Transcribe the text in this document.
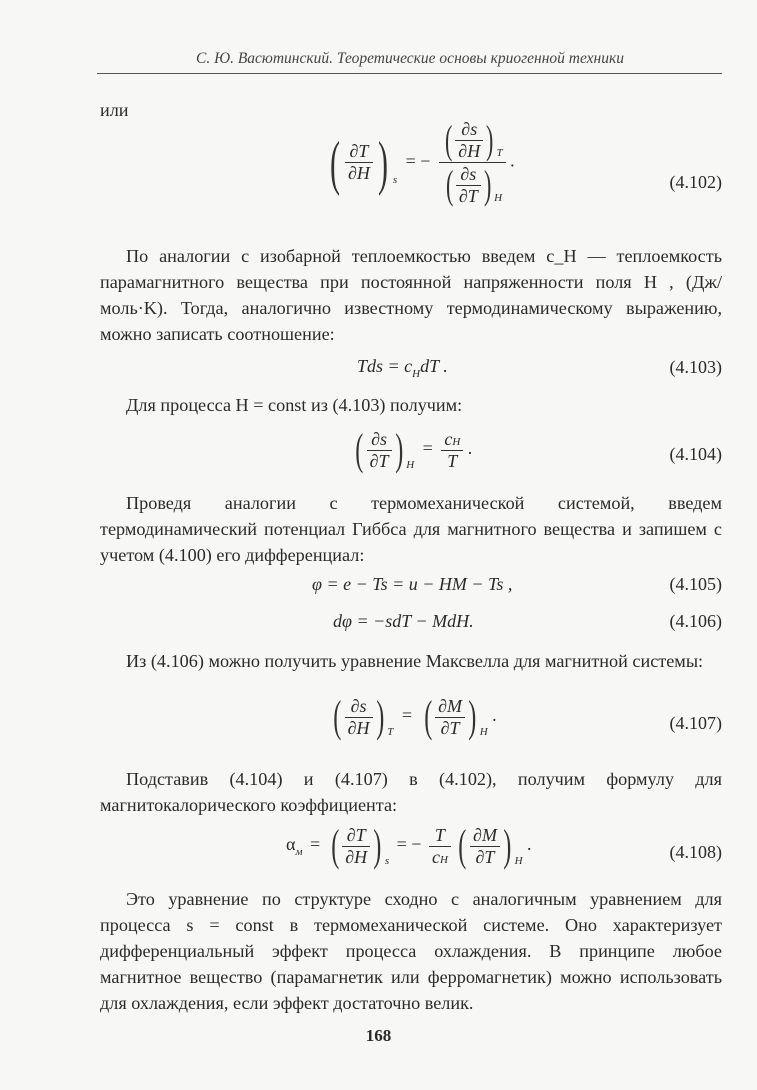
С. Ю. Васютинский. Теоретические основы криогенной техники
или
( $\frac{\partial T}{\partial H}$ ) $_s$ = − $\frac{( \frac{\partial s}{\partial H} ) _T}{( \frac{\partial s}{\partial T} ) _H}$ .
(4.102)
По аналогии с изобарной теплоемкостью введем c_H — теплоемкость парамагнитного вещества при постоянной напряженности поля H , (Дж/моль·K). Тогда, аналогично известному термодинамическому выражению, можно записать соотношение:
Tds = $c_HdT$ .	(4.103)
Для процесса H = const из (4.103) получим:
( $\frac{\partial s}{\partial T}$ ) $_H = \frac{cH}{T}$ .	(4.104)
Проведя аналогии с термомеханической системой, введем термодинамический потенциал Гиббса для магнитного вещества и запишем с учетом (4.100) его дифференциал:
φ = e − Ts = u − HM − Ts ,	(4.105)
dφ = −sdT − MdH.	(4.106)
Из (4.106) можно получить уравнение Максвелла для магнитной системы:
( $\frac{\partial s}{\partial H}$ ) $_T$ = ( $\frac{\partial M}{\partial T}$ ) $_H$ .	(4.107)
Подставив (4.104) и (4.107) в (4.102), получим формулу для магнитокалорического коэффициента:
$\alpha_м$ = ( $\frac{\partial T}{\partial H}$ ) $_s$ = − $\frac{T}{cH}$ ( $\frac{\partial M}{\partial T}$ ) $_H$ .	(4.108)
Это уравнение по структуре сходно с аналогичным уравнением для процесса s = const в термомеханической системе. Оно характеризует дифференциальный эффект процесса охлаждения. В принципе любое магнитное вещество (парамагнетик или ферромагнетик) можно использовать для охлаждения, если эффект достаточно велик.
168
